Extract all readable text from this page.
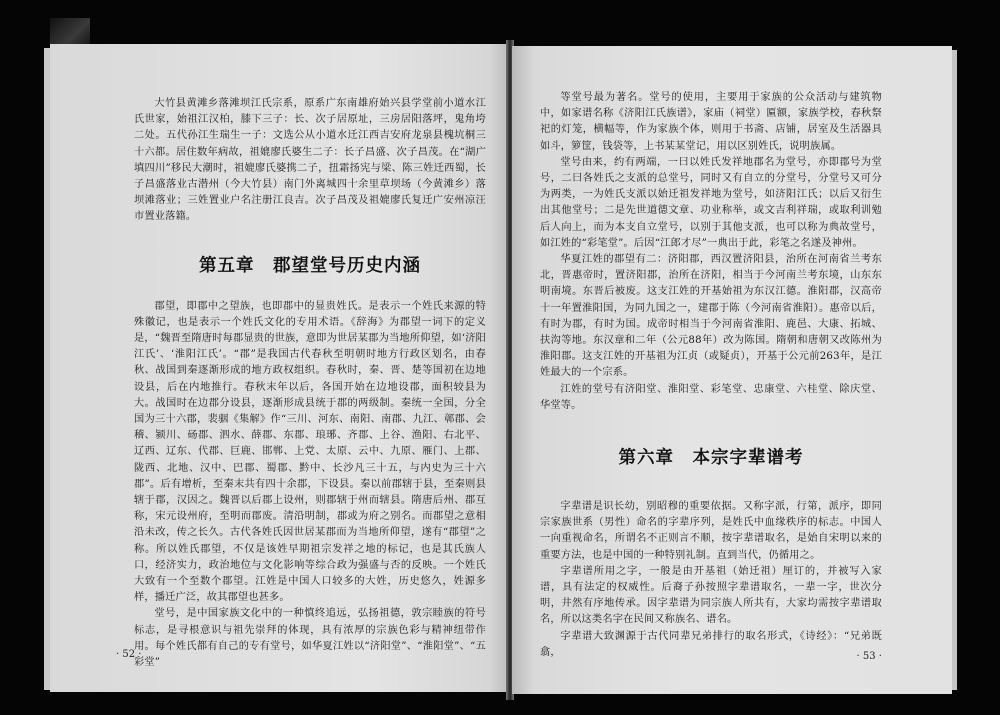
大竹县黄滩乡落滩坝江氏宗系，原系广东南雄府始兴县学堂前小道水江氏世家，始祖江汉柏，膝下三子：长、次子居原址，三房居阳落坪，鬼角垮二处。五代孙江生瑞生一子：文选公从小道水迁江西吉安府龙泉县槐坑桐三十六都。居住数年病故，祖媲廖氏婆生二子：长子昌盛、次子昌茂。在“湖广填四川”移民大潮时，祖媲廖氏婆携二子，扭霜扬宪与梁、陈三姓迁西蜀，长子昌盛落业古潜州（今大竹县）南门外离城四十余里草坝场（今黄滩乡）落坝滩落业；三姓置业户名注册江良吉。次子昌茂及祖媲廖氏复迁广安州凉汪市置业落籍。

第五章　郡望堂号历史内涵

郡望，即郡中之望族，也即郡中的显贵姓氏。是表示一个姓氏来源的特殊徽记，也是表示一个姓氏文化的专用术语。《辞海》为郡望一词下的定义是，“魏晋至隋唐时每郡显贵的世族，意即为世居某郡为当地所仰望，如‘济阳江氏’、‘淮阳江氏’。“郡”是我国古代春秋至明朝时地方行政区划名，由春秋、战国到秦逐渐形成的地方政权组织。春秋时，秦、晋、楚等国初在边地设县，后在内地推行。春秋末年以后，各国开始在边地设郡，面积较县为大。战国时在边郡分设县，逐渐形成县统于郡的两级制。秦统一全国，分全国为三十六郡，裴骃《集解》作“三川、河东、南阳、南郡、九江、鄣郡、会稽、颍川、砀郡、泗水、薛郡、东郡、琅琊、齐郡、上谷、渔阳、右北平、辽西、辽东、代郡、巨鹿、邯郸、上党、太原、云中、九原、雁门、上郡、陇西、北地、汉中、巴郡、蜀郡、黔中、长沙凡三十五，与内史为三十六郡”。后有增析，至秦末共有四十余郡，下设县。秦以前郡辖于县，至秦则县辖于郡，汉因之。魏晋以后郡上设州，则郡辖于州而辖县。隋唐后州、郡互称，宋元设州府，至明而郡废。清沿明制，郡或为府之别名。而郡望之意相沿未改，传之长久。古代各姓氏因世居某郡而为当地所仰望，遂有“郡望”之称。所以姓氏郡望，不仅是该姓早期祖宗发祥之地的标记，也是其氏族人口，经济实力，政治地位与文化影响等综合政为强盛与否的反映。一个姓氏大致有一个至数个郡望。江姓是中国人口较多的大姓，历史悠久，姓源多样，播迁广泛，故其郡望也甚多。

堂号，是中国家族文化中的一种慎终追远，弘扬祖德，敦宗睦族的符号标志，是寻根意识与祖先崇拜的体现，具有浓厚的宗族色彩与精神纽带作用。每个姓氏都有自己的专有堂号，如华夏江姓以“济阳堂”、“淮阳堂”、“五彩堂”

· 52 ·

等堂号最为著名。堂号的使用，主要用于家族的公众活动与建筑物中，如家谱名称《济阳江氏族谱》，家庙（祠堂）匾额，家族学校，春秋祭祀的灯笼，横幅等，作为家族个体，则用于书斋、店铺，居室及生活器具如斗，箩筐，钱袋等，上书某某堂记，用以区别姓氏，说明族属。

堂号由来，约有两端，一曰以姓氏发祥地郡名为堂号，亦即郡号为堂号，二曰各姓氏之支派的总堂号，同时又有自立的分堂号，分堂号又可分为两类，一为姓氏支派以始迁祖发祥地为堂号，如济阳江氏；以后又衍生出其他堂号；二是先世道德文章、功业称举，或文吉利祥瑞，或取利训勉后人向上，而为本支自立堂号，以别于其他支派，也可以称为典故堂号，如江姓的“彩笔堂”。后因“江郎才尽”一典出于此，彩笔之名遂及神州。

华夏江姓的郡望有二：济阳郡，西汉置济阳县，治所在河南省兰考东北，晋惠帝时，置济阳郡，治所在济阳，相当于今河南兰考东境，山东东明南境。东晋后被废。这支江姓的开基始祖为东汉江德。淮阳郡，汉高帝十一年置淮阳国，为同九国之一，建郡于陈（今河南省淮阳）。惠帝以后，有时为郡，有时为国。成帝时相当于今河南省淮阳、鹿邑、大康、拓城、扶沟等地。东汉章和二年（公元88年）改为陈国。隋朝和唐朝又改陈州为淮阳郡。这支江姓的开基祖为江贞（或疑贞），开基于公元前263年，是江姓最大的一个宗系。

江姓的堂号有济阳堂、淮阳堂、彩笔堂、忠康堂、六桂堂、除庆堂、华堂等。

第六章　本宗字辈谱考

字辈谱是识长幼，别昭穆的重要依据。又称字派，行第，派序，即同宗家族世系（男性）命名的字辈序列，是姓氏中血缘秩序的标志。中国人一向重视命名，所谓名不正则言不顺，按字辈谱取名，是始自宋明以来的重要方法，也是中国的一种特别礼制。直到当代，仍循用之。

字辈谱所用之字，一般是由开基祖（始迁祖）厘订的，并被写入家谱，具有法定的权威性。后裔子孙按照字辈谱取名，一辈一字，世次分明，井然有序地传承。因字辈谱为同宗族人所共有，大家均需按字辈谱取名，所以这类名字在民间又称族名、谱名。

字辈谱大致渊源于古代同辈兄弟排行的取名形式，《诗经》：“兄弟既翕，	· 53 ·
